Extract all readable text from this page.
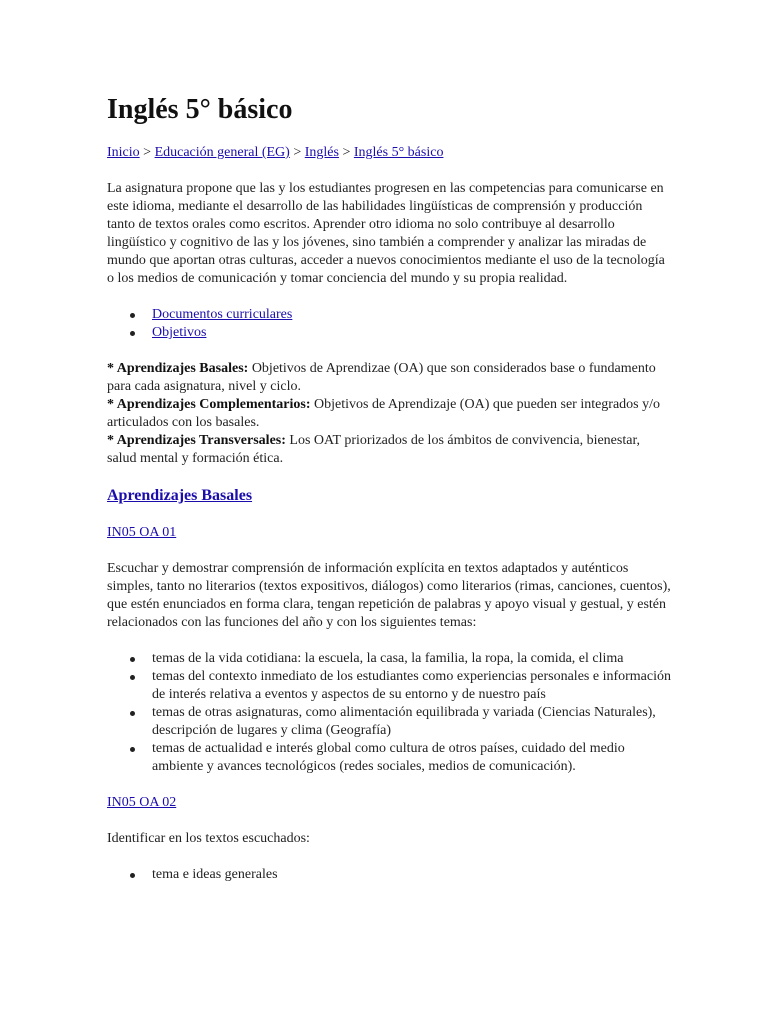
Inglés 5° básico
Inicio > Educación general (EG) > Inglés > Inglés 5° básico

La asignatura propone que las y los estudiantes progresen en las competencias para comunicarse en este idioma, mediante el desarrollo de las habilidades lingüísticas de comprensión y producción tanto de textos orales como escritos. Aprender otro idioma no solo contribuye al desarrollo lingüístico y cognitivo de las y los jóvenes, sino también a comprender y analizar las miradas de mundo que aportan otras culturas, acceder a nuevos conocimientos mediante el uso de la tecnología o los medios de comunicación y tomar conciencia del mundo y su propia realidad.

Documentos curriculares
Objetivos
* Aprendizajes Basales: Objetivos de Aprendizae (OA) que son considerados base o fundamento para cada asignatura, nivel y ciclo.
* Aprendizajes Complementarios: Objetivos de Aprendizaje (OA) que pueden ser integrados y/o articulados con los basales.
* Aprendizajes Transversales: Los OAT priorizados de los ámbitos de convivencia, bienestar, salud mental y formación ética.
Aprendizajes Basales
IN05 OA 01

Escuchar y demostrar comprensión de información explícita en textos adaptados y auténticos simples, tanto no literarios (textos expositivos, diálogos) como literarios (rimas, canciones, cuentos), que estén enunciados en forma clara, tengan repetición de palabras y apoyo visual y gestual, y estén relacionados con las funciones del año y con los siguientes temas:

temas de la vida cotidiana: la escuela, la casa, la familia, la ropa, la comida, el clima
temas del contexto inmediato de los estudiantes como experiencias personales e información de interés relativa a eventos y aspectos de su entorno y de nuestro país
temas de otras asignaturas, como alimentación equilibrada y variada (Ciencias Naturales), descripción de lugares y clima (Geografía)
temas de actualidad e interés global como cultura de otros países, cuidado del medio ambiente y avances tecnológicos (redes sociales, medios de comunicación).
IN05 OA 02

Identificar en los textos escuchados:

tema e ideas generales
